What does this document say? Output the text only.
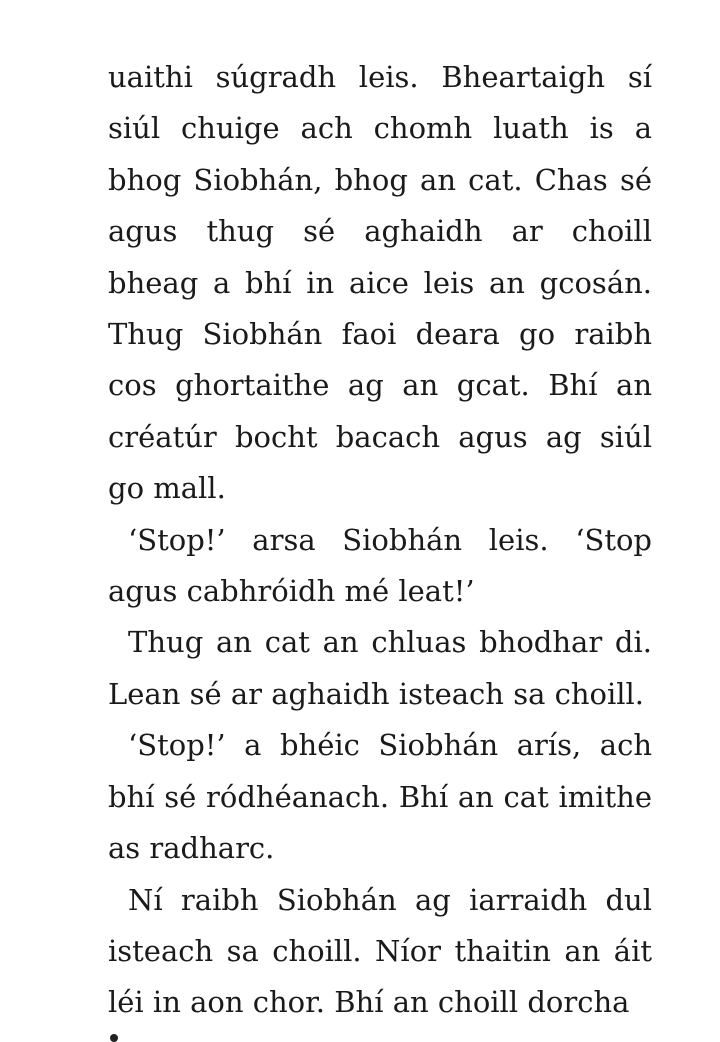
uaithi súgradh leis. Bheartaigh sí siúl chuige ach chomh luath is a bhog Siobhán, bhog an cat. Chas sé agus thug sé aghaidh ar choill bheag a bhí in aice leis an gcosán. Thug Siobhán faoi deara go raibh cos ghortaithe ag an gcat. Bhí an créatúr bocht bacach agus ag siúl go mall.

‘Stop!’ arsa Siobhán leis. ‘Stop agus cabhróidh mé leat!’

Thug an cat an chluas bhodhar di. Lean sé ar aghaidh isteach sa choill.

‘Stop!’ a bhéic Siobhán arís, ach bhí sé ródhéanach. Bhí an cat imithe as radharc.

Ní raibh Siobhán ag iarraidh dul isteach sa choill. Níor thaitin an áit léi in aon chor. Bhí an choill dorcha
